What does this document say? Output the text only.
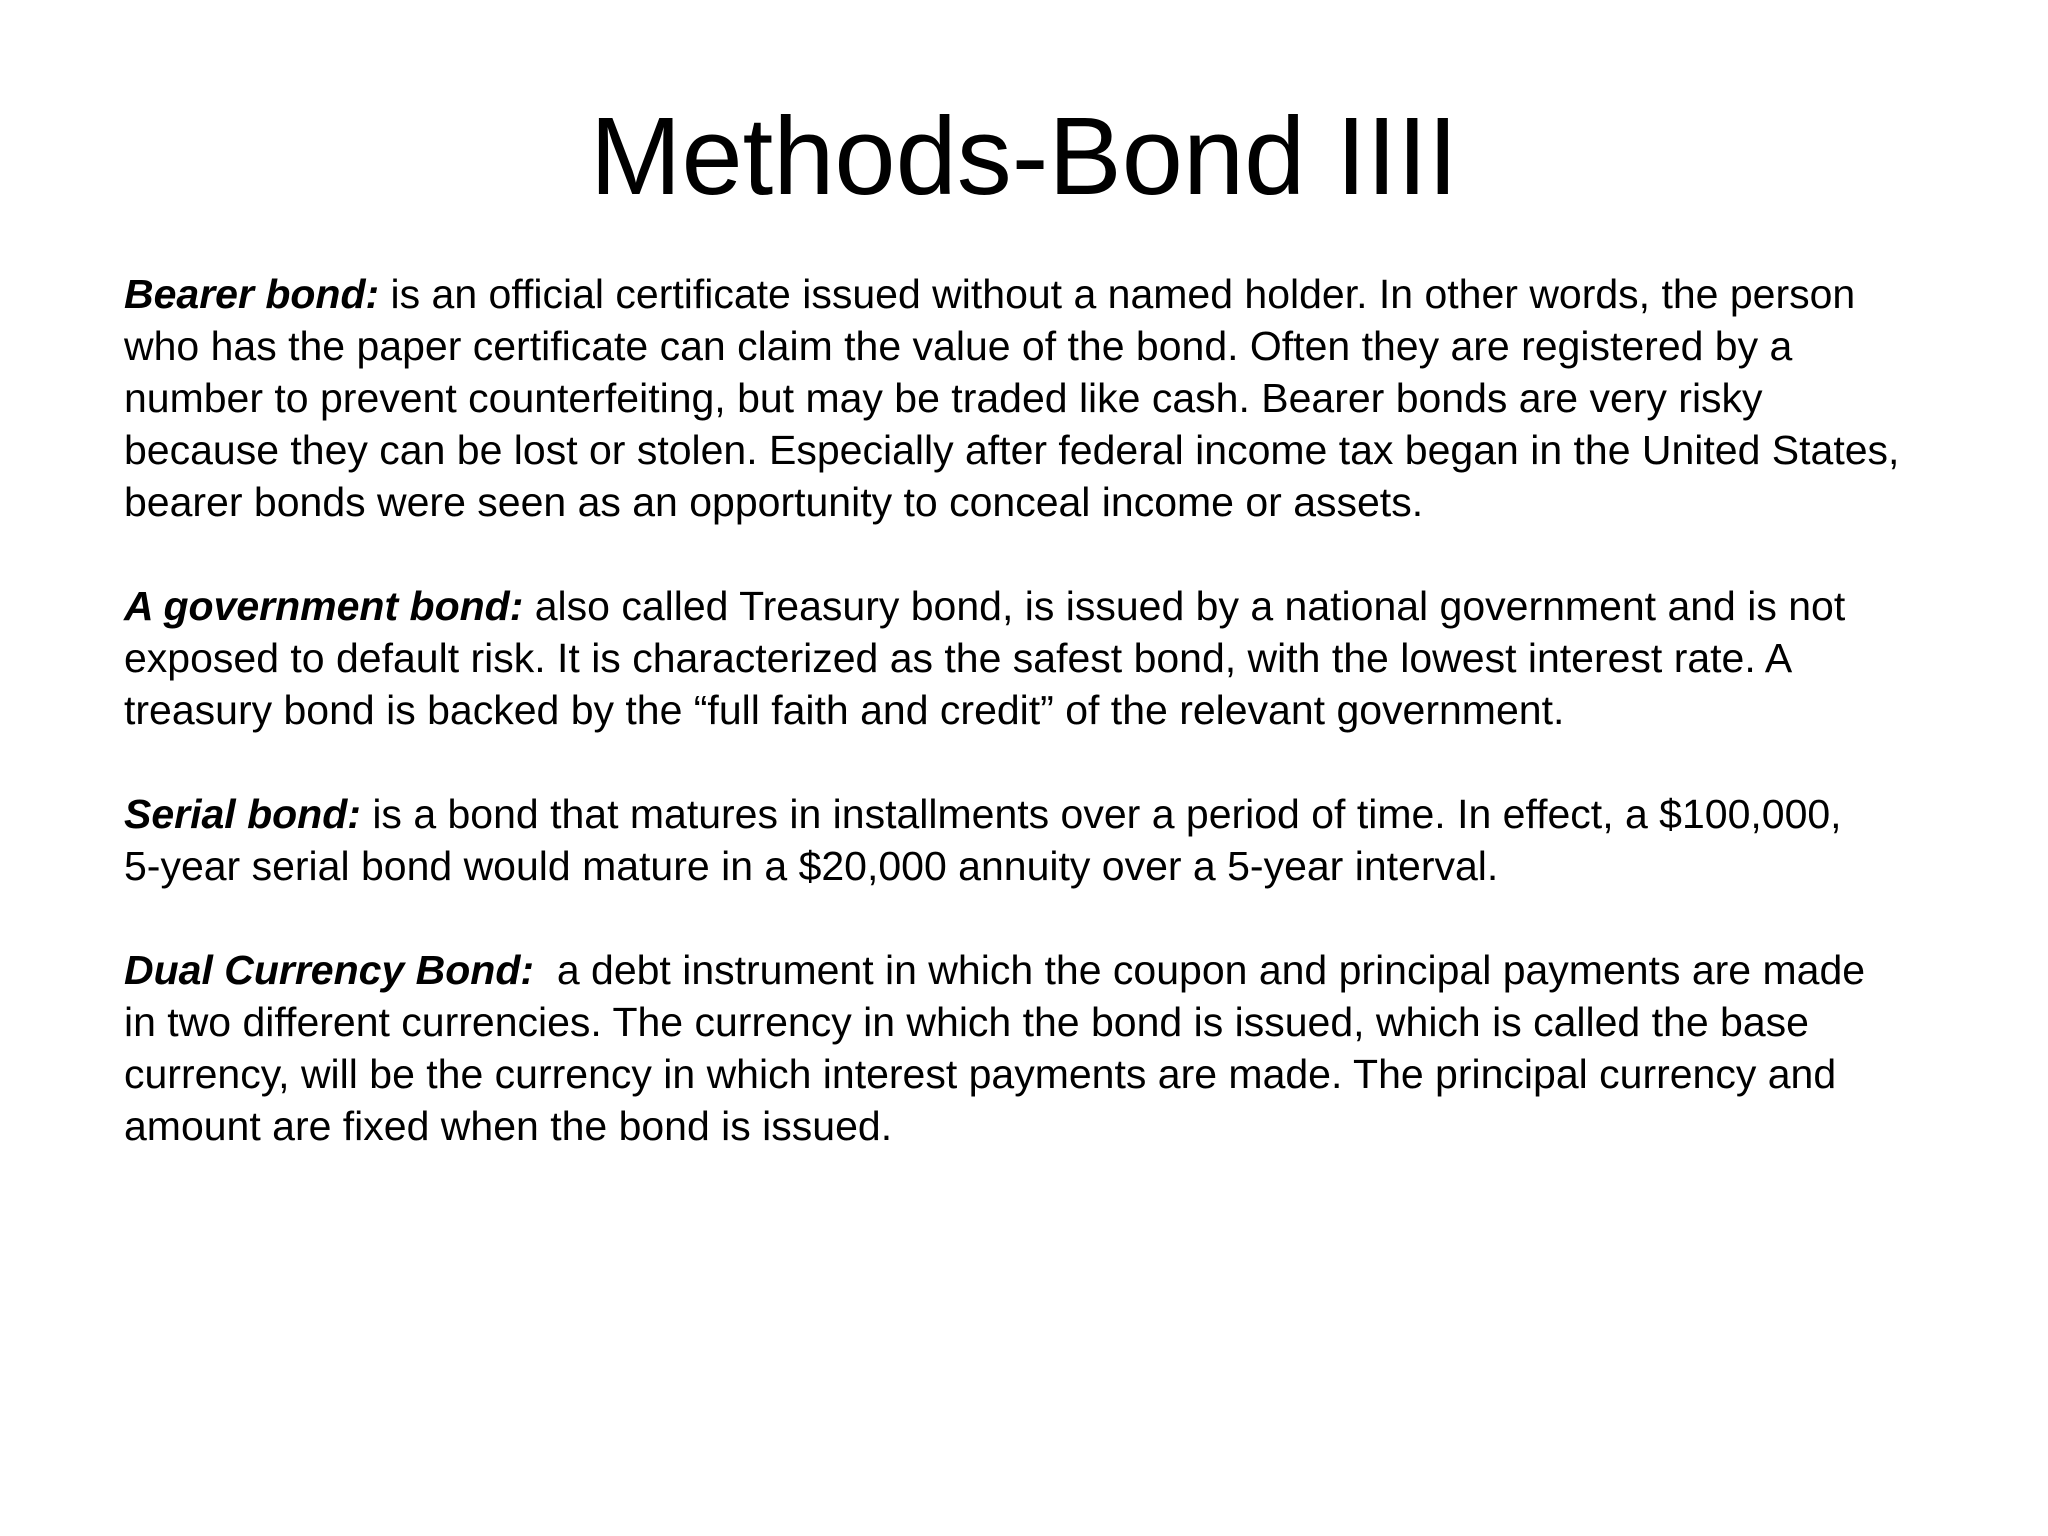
Methods-Bond IIII

Bearer bond: is an official certificate issued without a named holder. In other words, the person
who has the paper certificate can claim the value of the bond. Often they are registered by a
number to prevent counterfeiting, but may be traded like cash. Bearer bonds are very risky
because they can be lost or stolen. Especially after federal income tax began in the United States,
bearer bonds were seen as an opportunity to conceal income or assets.

A government bond: also called Treasury bond, is issued by a national government and is not
exposed to default risk. It is characterized as the safest bond, with the lowest interest rate. A
treasury bond is backed by the “full faith and credit” of the relevant government.

Serial bond: is a bond that matures in installments over a period of time. In effect, a $100,000,
5-year serial bond would mature in a $20,000 annuity over a 5-year interval.

Dual Currency Bond:  a debt instrument in which the coupon and principal payments are made
in two different currencies. The currency in which the bond is issued, which is called the base
currency, will be the currency in which interest payments are made. The principal currency and
amount are fixed when the bond is issued.
